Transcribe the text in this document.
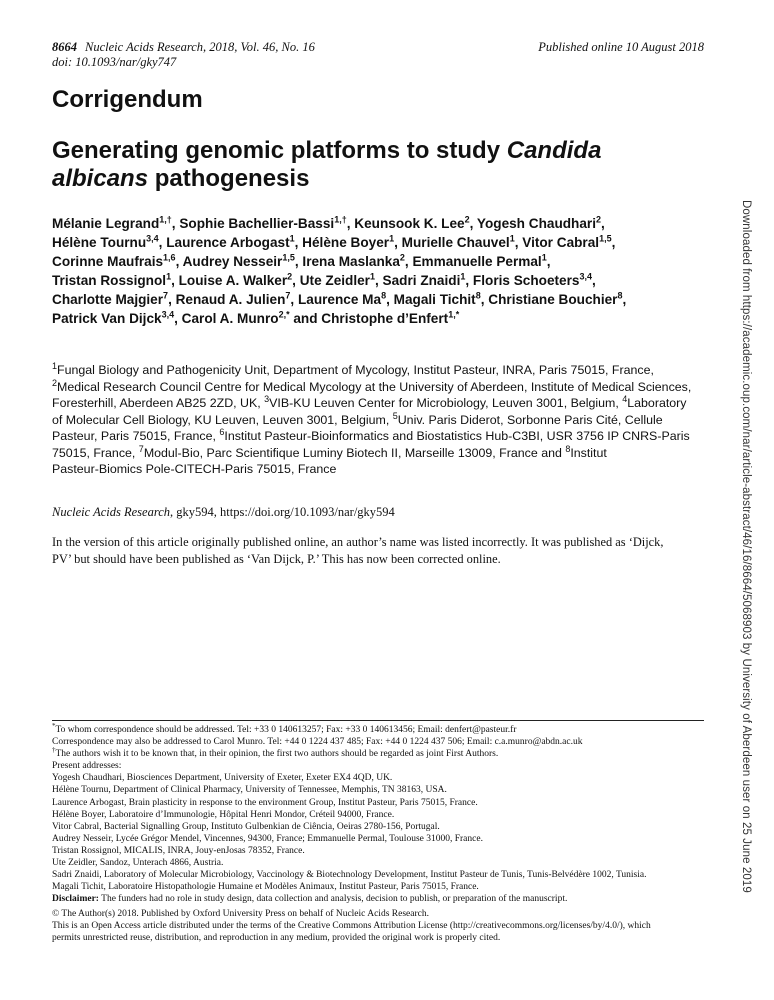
8664 Nucleic Acids Research, 2018, Vol. 46, No. 16
doi: 10.1093/nar/gky747
Published online 10 August 2018
Corrigendum
Generating genomic platforms to study Candida
albicans pathogenesis
Mélanie Legrand$^{1,\dagger}$, Sophie Bachellier-Bassi$^{1,\dagger}$, Keunsook K. Lee$^2$, Yogesh Chaudhari$^2$,
Hélène Tournu$^{3,4}$, Laurence Arbogast$^1$, Hélène Boyer$^1$, Murielle Chauvel$^1$, Vitor Cabral$^{1,5}$,
Corinne Maufrais$^{1,6}$, Audrey Nesseir$^{1,5}$, Irena Maslanka$^2$, Emmanuelle Permal$^1$,
Tristan Rossignol$^1$, Louise A. Walker$^2$, Ute Zeidler$^1$, Sadri Znaidi$^1$, Floris Schoeters$^{3,4}$,
Charlotte Majgier$^7$, Renaud A. Julien$^7$, Laurence Ma$^8$, Magali Tichit$^8$, Christiane Bouchier$^8$,
Patrick Van Dijck$^{3,4}$, Carol A. Munro$^{2,*}$ and Christophe d’Enfert$^{1,*}$
$^1$Fungal Biology and Pathogenicity Unit, Department of Mycology, Institut Pasteur, INRA, Paris 75015, France,
$^2$Medical Research Council Centre for Medical Mycology at the University of Aberdeen, Institute of Medical Sciences,
Foresterhill, Aberdeen AB25 2ZD, UK, $^3$VIB-KU Leuven Center for Microbiology, Leuven 3001, Belgium, $^4$Laboratory
of Molecular Cell Biology, KU Leuven, Leuven 3001, Belgium, $^5$Univ. Paris Diderot, Sorbonne Paris Cité, Cellule
Pasteur, Paris 75015, France, $^6$Institut Pasteur-Bioinformatics and Biostatistics Hub-C3BI, USR 3756 IP CNRS-Paris
75015, France, $^7$Modul-Bio, Parc Scientifique Luminy Biotech II, Marseille 13009, France and $^8$Institut
Pasteur-Biomics Pole-CITECH-Paris 75015, France
Nucleic Acids Research, gky594, https://doi.org/10.1093/nar/gky594
In the version of this article originally published online, an author’s name was listed incorrectly. It was published as ‘Dijck,
PV’ but should have been published as ‘Van Dijck, P.’ This has now been corrected online.
*To whom correspondence should be addressed. Tel: +33 0 140613257; Fax: +33 0 140613456; Email: denfert@pasteur.fr
Correspondence may also be addressed to Carol Munro. Tel: +44 0 1224 437 485; Fax: +44 0 1224 437 506; Email: c.a.munro@abdn.ac.uk
†The authors wish it to be known that, in their opinion, the first two authors should be regarded as joint First Authors.
Present addresses:
Yogesh Chaudhari, Biosciences Department, University of Exeter, Exeter EX4 4QD, UK.
Hélène Tournu, Department of Clinical Pharmacy, University of Tennessee, Memphis, TN 38163, USA.
Laurence Arbogast, Brain plasticity in response to the environment Group, Institut Pasteur, Paris 75015, France.
Hélène Boyer, Laboratoire d’Immunologie, Hôpital Henri Mondor, Créteil 94000, France.
Vitor Cabral, Bacterial Signalling Group, Instituto Gulbenkian de Ciência, Oeiras 2780-156, Portugal.
Audrey Nesseir, Lycée Grégor Mendel, Vincennes, 94300, France; Emmanuelle Permal, Toulouse 31000, France.
Tristan Rossignol, MICALIS, INRA, Jouy-enJosas 78352, France.
Ute Zeidler, Sandoz, Unterach 4866, Austria.
Sadri Znaidi, Laboratory of Molecular Microbiology, Vaccinology & Biotechnology Development, Institut Pasteur de Tunis, Tunis-Belvédère 1002, Tunisia.
Magali Tichit, Laboratoire Histopathologie Humaine et Modèles Animaux, Institut Pasteur, Paris 75015, France.
Disclaimer: The funders had no role in study design, data collection and analysis, decision to publish, or preparation of the manuscript.
© The Author(s) 2018. Published by Oxford University Press on behalf of Nucleic Acids Research.
This is an Open Access article distributed under the terms of the Creative Commons Attribution License (http://creativecommons.org/licenses/by/4.0/), which
permits unrestricted reuse, distribution, and reproduction in any medium, provided the original work is properly cited.
Downloaded from https://academic.oup.com/nar/article-abstract/46/16/8664/5068903 by University of Aberdeen user on 25 June 2019
